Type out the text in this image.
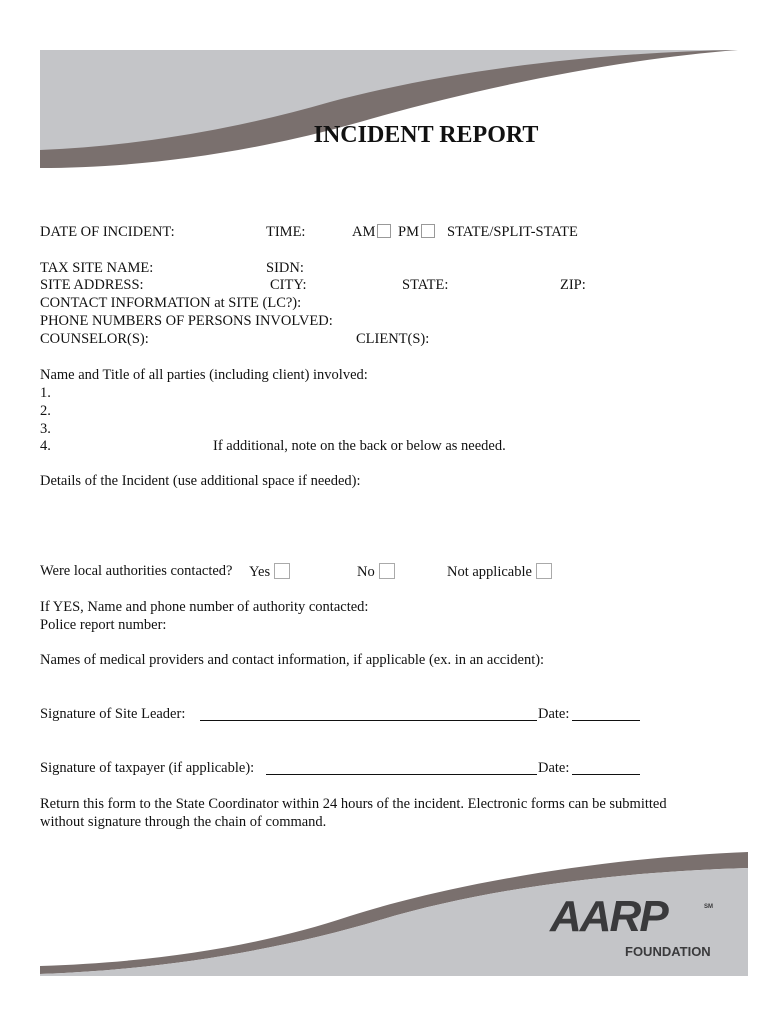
INCIDENT REPORT
DATE OF INCIDENT:	TIME:	AM	PM	STATE/SPLIT-STATE
TAX SITE NAME:	SIDN:
SITE ADDRESS:	CITY:	STATE:	ZIP:
CONTACT INFORMATION at SITE (LC?):
PHONE NUMBERS OF PERSONS INVOLVED:
COUNSELOR(S):	CLIENT(S):
Name and Title of all parties (including client) involved:
1.
2.
3.
4.	If additional, note on the back or below as needed.
Details of the Incident (use additional space if needed):
Were local authorities contacted? Yes	No	Not applicable
If YES, Name and phone number of authority contacted:
Police report number:
Names of medical providers and contact information, if applicable (ex. in an accident):
Signature of Site Leader:	Date:
Signature of taxpayer (if applicable):	Date:
Return this form to the State Coordinator within 24 hours of the incident. Electronic forms can be submitted
without signature through the chain of command.
AARP	SM
FOUNDATION
